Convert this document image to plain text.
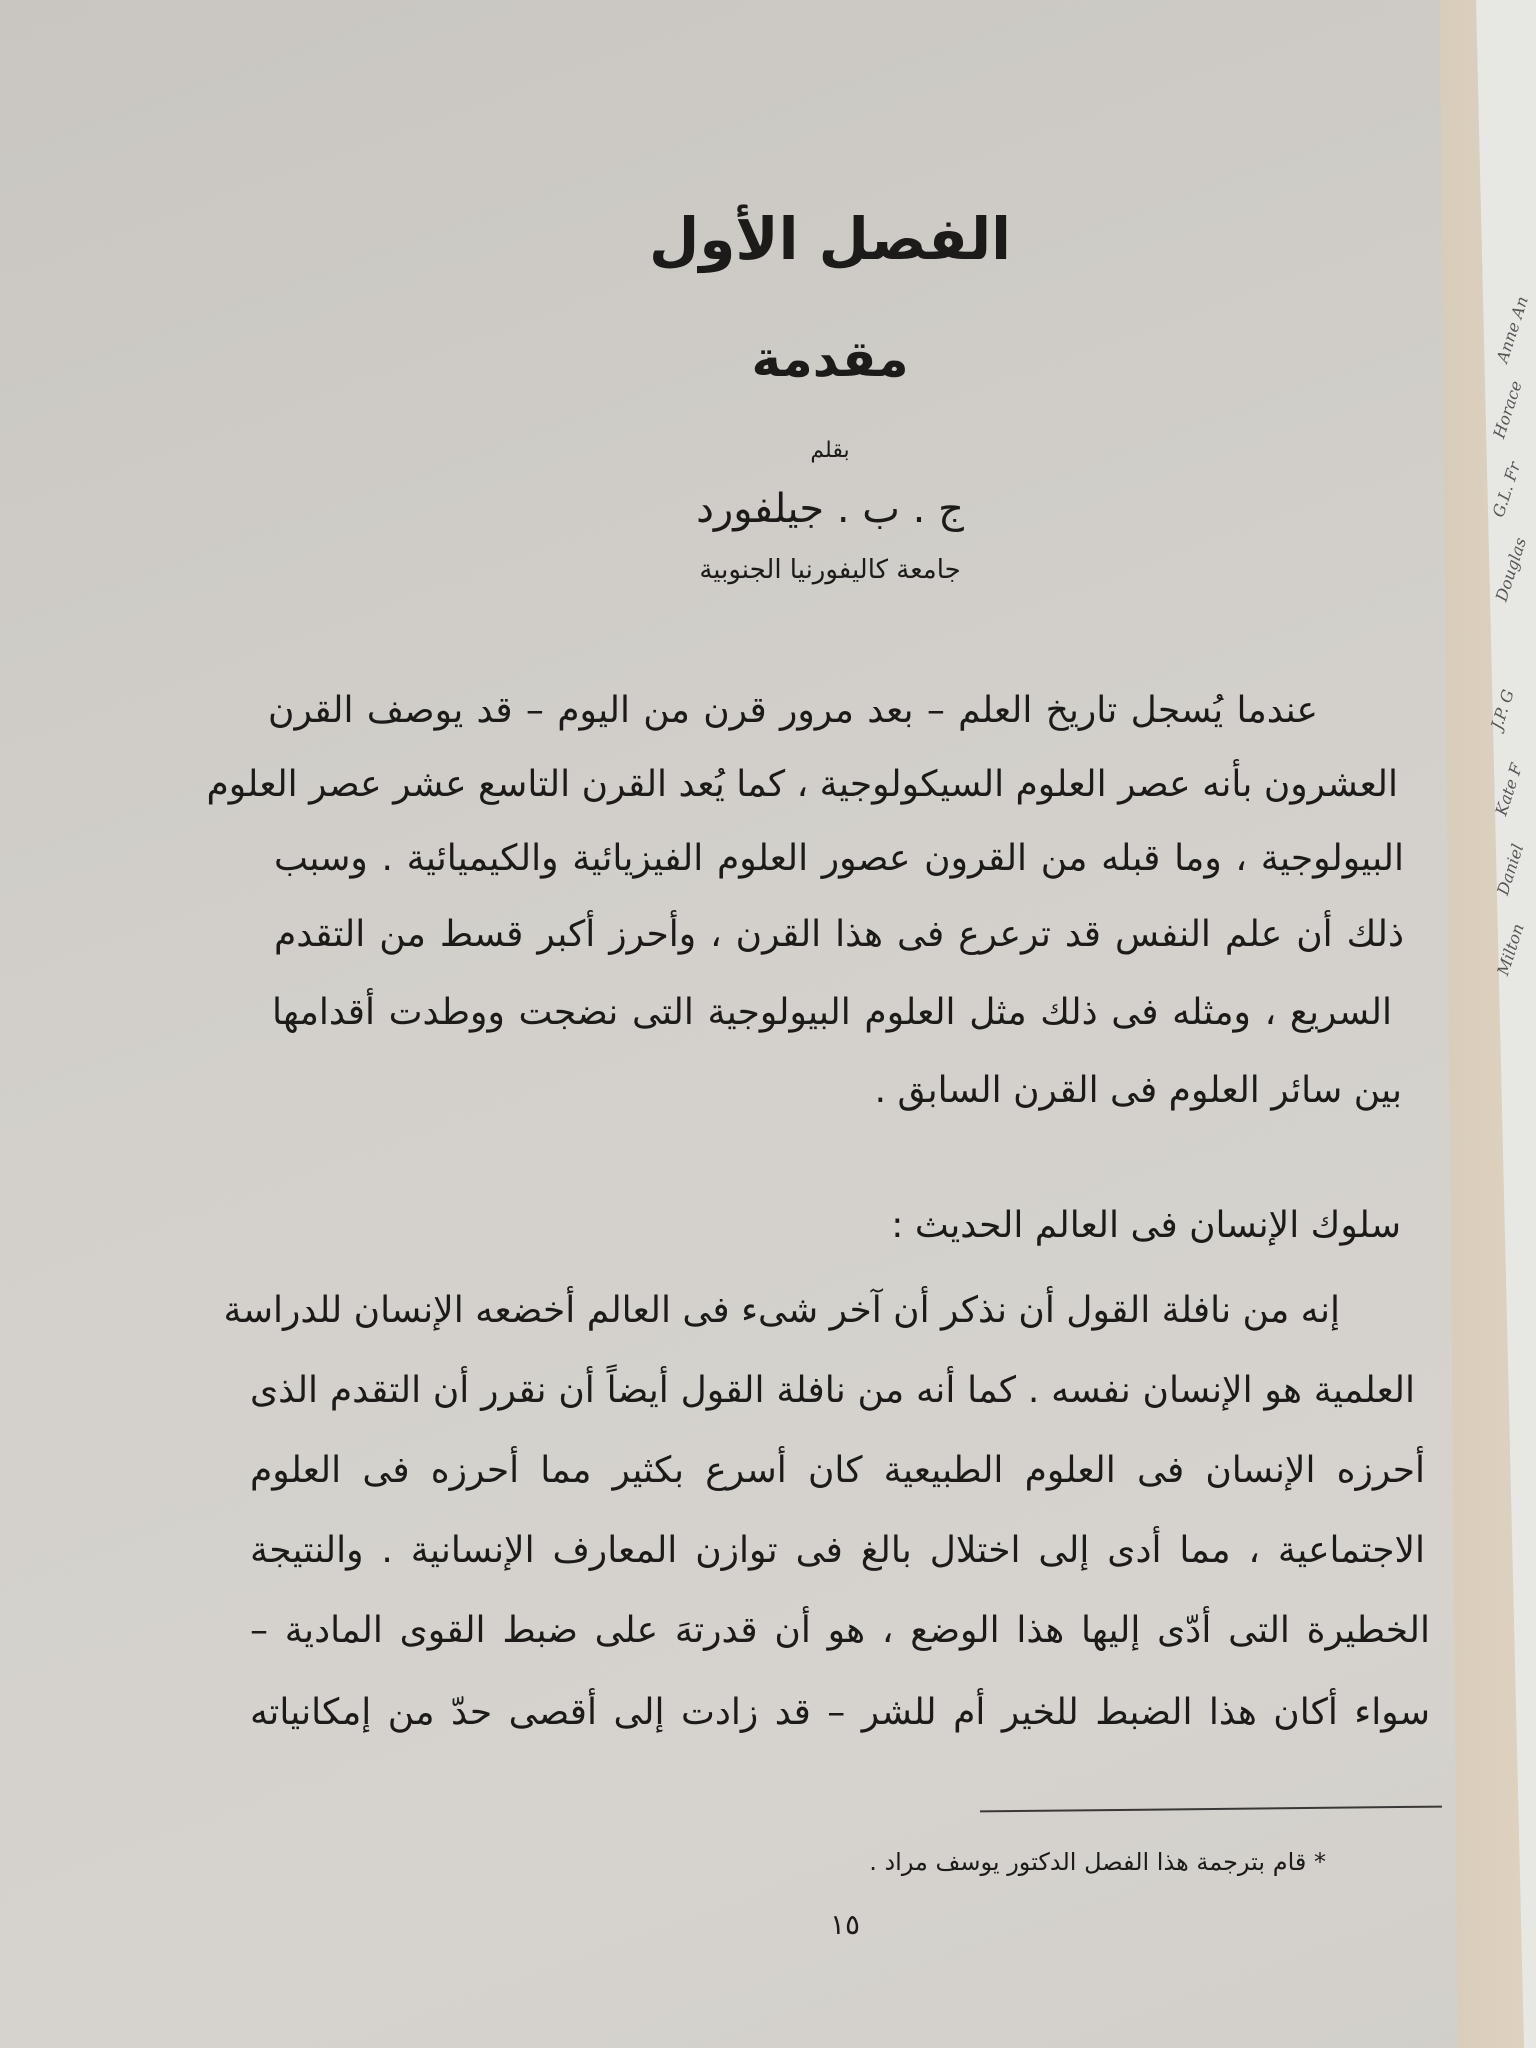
Anne An
Horace
G.L. Fr
Douglas
J.P. G
Kate F
Daniel
Milton
الفصل الأول
مقدمة
بقلم
ج . ب . جيلفورد
جامعة كاليفورنيا الجنوبية
عندما يُسجل تاريخ العلم – بعد مرور قرن من اليوم – قد يوصف القرن
العشرون بأنه عصر العلوم السيكولوجية ، كما يُعد القرن التاسع عشر عصر العلوم
البيولوجية ، وما قبله من القرون عصور العلوم الفيزيائية والكيميائية . وسبب
ذلك أن علم النفس قد ترعرع فى هذا القرن ، وأحرز أكبر قسط من التقدم
السريع ، ومثله فى ذلك مثل العلوم البيولوجية التى نضجت ووطدت أقدامها
بين سائر العلوم فى القرن السابق .
سلوك الإنسان فى العالم الحديث :
إنه من نافلة القول أن نذكر أن آخر شىء فى العالم أخضعه الإنسان للدراسة
العلمية هو الإنسان نفسه . كما أنه من نافلة القول أيضاً أن نقرر أن التقدم الذى
أحرزه الإنسان فى العلوم الطبيعية كان أسرع بكثير مما أحرزه فى العلوم
الاجتماعية ، مما أدى إلى اختلال بالغ فى توازن المعارف الإنسانية . والنتيجة
الخطيرة التى أدّى إليها هذا الوضع ، هو أن قدرتهَ على ضبط القوى المادية –
سواء أكان هذا الضبط للخير أم للشر – قد زادت إلى أقصى حدّ من إمكانياته
* قام بترجمة هذا الفصل الدكتور يوسف مراد .
١٥
